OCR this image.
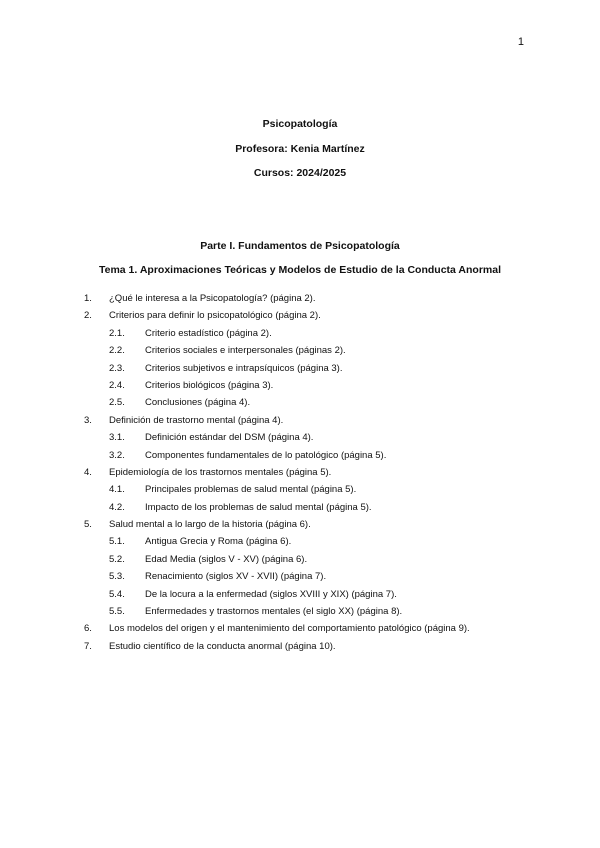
1
Psicopatología
Profesora: Kenia Martínez
Cursos: 2024/2025
Parte I. Fundamentos de Psicopatología
Tema 1. Aproximaciones Teóricas y Modelos de Estudio de la Conducta Anormal
1. ¿Qué le interesa a la Psicopatología? (página 2).
2. Criterios para definir lo psicopatológico (página 2).
2.1. Criterio estadístico (página 2).
2.2. Criterios sociales e interpersonales (páginas 2).
2.3. Criterios subjetivos e intrapsíquicos (página 3).
2.4. Criterios biológicos (página 3).
2.5. Conclusiones (página 4).
3. Definición de trastorno mental (página 4).
3.1. Definición estándar del DSM (página 4).
3.2. Componentes fundamentales de lo patológico (página 5).
4. Epidemiología de los trastornos mentales (página 5).
4.1. Principales problemas de salud mental (página 5).
4.2. Impacto de los problemas de salud mental (página 5).
5. Salud mental a lo largo de la historia (página 6).
5.1. Antigua Grecia y Roma (página 6).
5.2. Edad Media (siglos V - XV) (página 6).
5.3. Renacimiento (siglos XV - XVII) (página 7).
5.4. De la locura a la enfermedad (siglos XVIII y XIX) (página 7).
5.5. Enfermedades y trastornos mentales (el siglo XX) (página 8).
6. Los modelos del origen y el mantenimiento del comportamiento patológico (página 9).
7. Estudio científico de la conducta anormal (página 10).
